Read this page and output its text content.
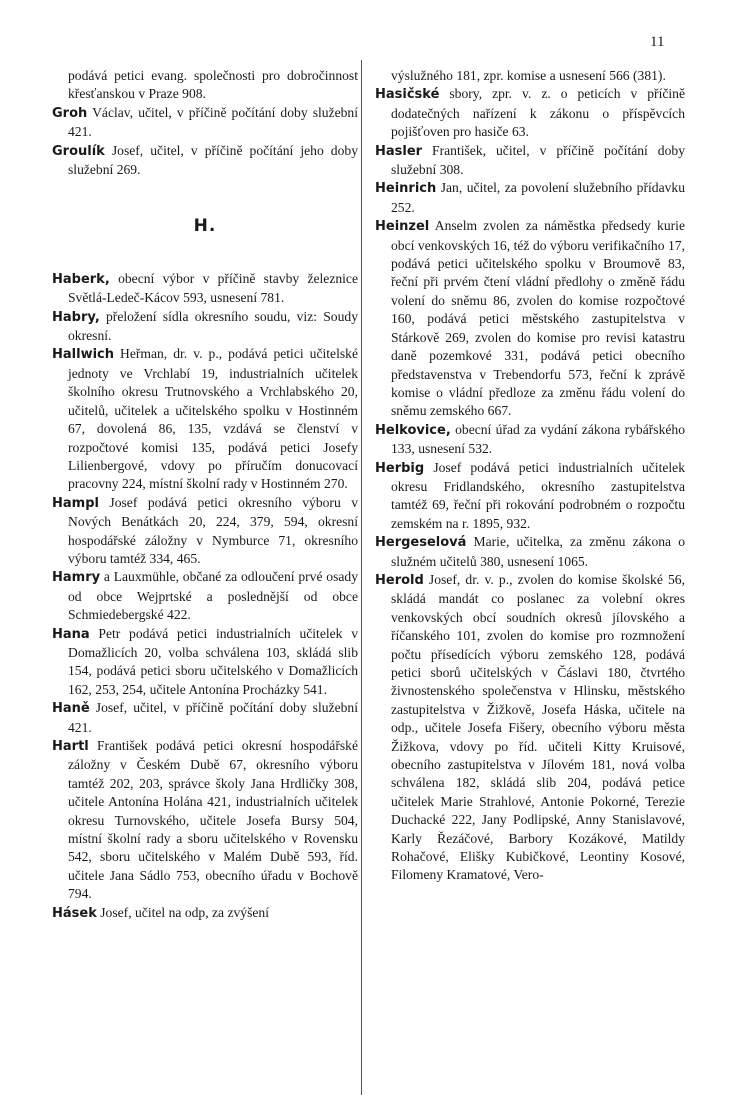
11

podává petici evang. společnosti pro dobročinnost křesťanskou v Praze 908.

Groh Václav, učitel, v příčině počítání doby služební 421.

Groulík Josef, učitel, v příčině počítání jeho doby služební 269.

H.

Haberk, obecní výbor v příčině stavby železnice Světlá-Ledeč-Kácov 593, usnesení 781.

Habry, přeložení sídla okresního soudu, viz: Soudy okresní.

Hallwich Heřman, dr. v. p., podává petici učitelské jednoty ve Vrchlabí 19, industrialních učitelek školního okresu Trutnovského a Vrchlabského 20, učitelů, učitelek a učitelského spolku v Hostinném 67, dovolená 86, 135, vzdává se členství v rozpočtové komisi 135, podává petici Josefy Lilienbergové, vdovy po příručím donucovací pracovny 224, místní školní rady v Hostinném 270.

Hampl Josef podává petici okresního výboru v Nových Benátkách 20, 224, 379, 594, okresní hospodářské záložny v Nymburce 71, okresního výboru tamtéž 334, 465.

Hamry a Lauxmühle, občané za odloučení prvé osady od obce Wejprtské a poslednější od obce Schmiedebergské 422.

Hana Petr podává petici industrialních učitelek v Domažlicích 20, volba schválena 103, skládá slib 154, podává petici sboru učitelského v Domažlicích 162, 253, 254, učitele Antonína Procházky 541.

Haně Josef, učitel, v příčině počítání doby služební 421.

Hartl František podává petici okresní hospodářské záložny v Českém Dubě 67, okresního výboru tamtéž 202, 203, správce školy Jana Hrdličky 308, učitele Antonína Holána 421, industrialních učitelek okresu Turnovského, učitele Josefa Bursy 504, místní školní rady a sboru učitelského v Rovensku 542, sboru učitelského v Malém Dubě 593, říd. učitele Jana Sádlo 753, obecního úřadu v Bochově 794.

Hásek Josef, učitel na odp, za zvýšení

výslužného 181, zpr. komise a usnesení 566 (381).

Hasičské sbory, zpr. v. z. o peticích v příčině dodatečných nařízení k zákonu o příspěvcích pojišťoven pro hasiče 63.

Hasler František, učitel, v příčině počítání doby služební 308.

Heinrich Jan, učitel, za povolení služebního přídavku 252.

Heinzel Anselm zvolen za náměstka předsedy kurie obcí venkovských 16, též do výboru verifikačního 17, podává petici učitelského spolku v Broumově 83, řeční při prvém čtení vládní předlohy o změně řádu volení do sněmu 86, zvolen do komise rozpočtové 160, podává petici městského zastupitelstva v Stárkově 269, zvolen do komise pro revisi katastru daně pozemkové 331, podává petici obecního představenstva v Trebendorfu 573, řeční k zprávě komise o vládní předloze za změnu řádu volení do sněmu zemského 667.

Helkovice, obecní úřad za vydání zákona rybářského 133, usnesení 532.

Herbig Josef podává petici industrialních učitelek okresu Fridlandského, okresního zastupitelstva tamtéž 69, řeční při rokování podrobném o rozpočtu zemském na r. 1895, 932.

Hergeselová Marie, učitelka, za změnu zákona o služném učitelů 380, usnesení 1065.

Herold Josef, dr. v. p., zvolen do komise školské 56, skládá mandát co poslanec za volební okres venkovských obcí soudních okresů jílovského a říčanského 101, zvolen do komise pro rozmnožení počtu přísedících výboru zemského 128, podává petici sborů učitelských v Čáslavi 180, čtvrtého živnostenského společenstva v Hlinsku, městského zastupitelstva v Žižkově, Josefa Háska, učitele na odp., učitele Josefa Fišery, obecního výboru města Žižkova, vdovy po říd. učiteli Kitty Kruisové, obecního zastupitelstva v Jílovém 181, nová volba schválena 182, skládá slib 204, podává petice učitelek Marie Strahlové, Antonie Pokorné, Terezie Duchacké 222, Jany Podlipské, Anny Stanislavové, Karly Řezáčové, Barbory Kozákové, Matildy Rohačové, Elišky Kubičkové, Leontiny Kosové, Filomeny Kramatové, Vero-
